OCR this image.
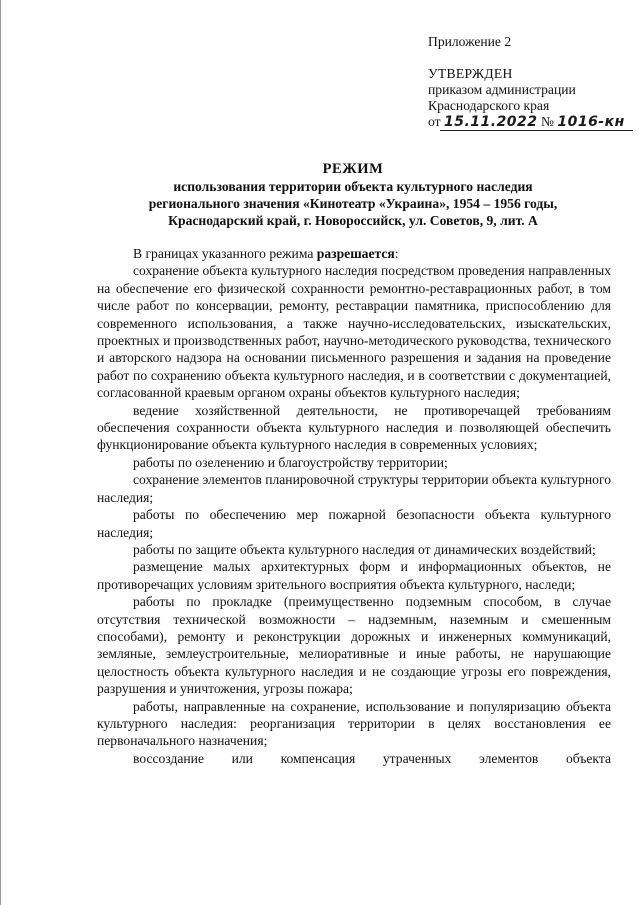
Приложение 2
УТВЕРЖДЕН
приказом администрации
Краснодарского края
от 15.11.2022 № 1016-кн
РЕЖИМ
использования территории объекта культурного наследия
регионального значения «Кинотеатр «Украина», 1954 – 1956 годы,
Краснодарский край, г. Новороссийск, ул. Советов, 9, лит. А

В границах указанного режима разрешается:

сохранение объекта культурного наследия посредством проведения направленных на обеспечение его физической сохранности ремонтно-реставрационных работ, в том числе работ по консервации, ремонту, реставрации памятника, приспособлению для современного использования, а также научно-исследовательских, изыскательских, проектных и производственных работ, научно-методического руководства, технического и авторского надзора на основании письменного разрешения и задания на проведение работ по сохранению объекта культурного наследия, и в соответствии с документацией, согласованной краевым органом охраны объектов культурного наследия;

ведение хозяйственной деятельности, не противоречащей требованиям обеспечения сохранности объекта культурного наследия и позволяющей обеспечить функционирование объекта культурного наследия в современных условиях;

работы по озеленению и благоустройству территории;

сохранение элементов планировочной структуры территории объекта культурного наследия;

работы по обеспечению мер пожарной безопасности объекта культурного наследия;

работы по защите объекта культурного наследия от динамических воздействий;

размещение малых архитектурных форм и информационных объектов, не противоречащих условиям зрительного восприятия объекта культурного, наследи;

работы по прокладке (преимущественно подземным способом, в случае отсутствия технической возможности – надземным, наземным и смешенным способами), ремонту и реконструкции дорожных и инженерных коммуникаций, земляные, землеустроительные, мелиоративные и иные работы, не нарушающие целостность объекта культурного наследия и не создающие угрозы его повреждения, разрушения и уничтожения, угрозы пожара;

работы, направленные на сохранение, использование и популяризацию объекта культурного наследия: реорганизация территории в целях восстановления ее первоначального назначения;

воссоздание или компенсация утраченных элементов объекта
